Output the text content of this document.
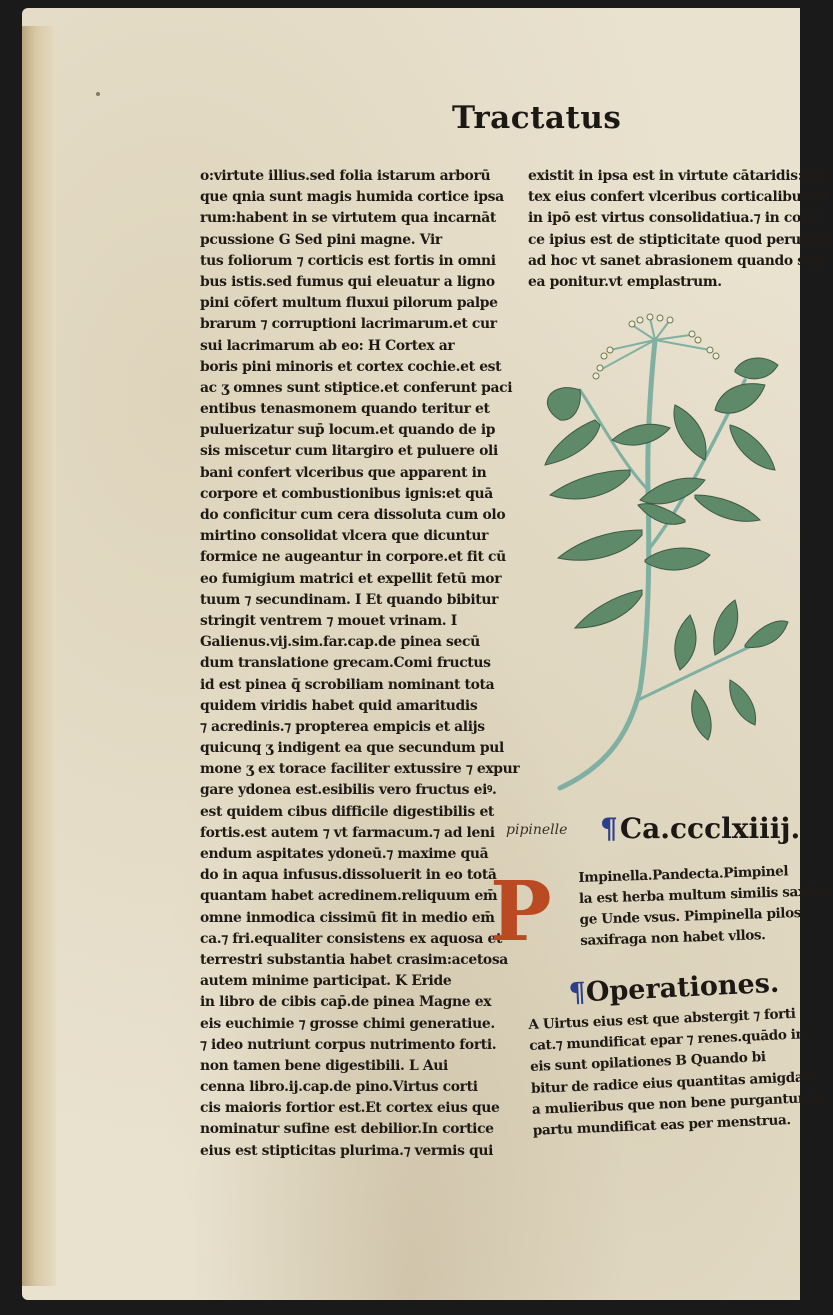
Tractatus
o:virtute illius.sed folia istarum arborū
que qnia sunt magis humida cortice ipsa
rum:habent in se virtutem qua incarnāt
pcussione G Sed pini magne. Vir
tus foliorum ⁊ corticis est fortis in omni
bus istis.sed fumus qui eleuatur a ligno
pini cōfert multum fluxui pilorum palpe
brarum ⁊ corruptioni lacrimarum.et cur
sui lacrimarum ab eo: H Cortex ar
boris pini minoris et cortex cochie.et est
ac ʒ omnes sunt stiptice.et conferunt paci
entibus tenasmonem quando teritur et
puluerizatur sup̄ locum.et quando de ip
sis miscetur cum litargiro et puluere oli
bani confert vlceribus que apparent in
corpore et combustionibus ignis:et quā
do conficitur cum cera dissoluta cum olo
mirtino consolidat vlcera que dicuntur
formice ne augeantur in corpore.et fit cū
eo fumigium matrici et expellit fetū mor
tuum ⁊ secundinam. I Et quando bibitur
stringit ventrem ⁊ mouet vrinam. I
Galienus.vij.sim.far.cap.de pinea secū
dum translatione grecam.Comi fructus
id est pinea q̄ scrobiliam nominant tota
quidem viridis habet quid amaritudis
⁊ acredinis.⁊ propterea empicis et alijs
quicunq ʒ indigent ea que secundum pul
mone ʒ ex torace faciliter extussire ⁊ expur
gare ydonea est.esibilis vero fructus eiꝰ.
est quidem cibus difficile digestibilis et
fortis.est autem ⁊ vt farmacum.⁊ ad leni
endum aspitates ydoneū.⁊ maxime quā
do in aqua infusus.dissoluerit in eo totā
quantam habet acredinem.reliquum em̄
omne inmodica cissimū fit in medio em̄
ca.⁊ fri.equaliter consistens ex aquosa et
terrestri substantia habet crasim:acetosa
autem minime participat. K Eride
in libro de cibis cap̄.de pinea Magne ex
eis euchimie ⁊ grosse chimi generatiue.
⁊ ideo nutriunt corpus nutrimento forti.
non tamen bene digestibili. L Aui
cenna libro.ij.cap.de pino.Virtus corti
cis maioris fortior est.Et cortex eius que
nominatur sufine est debilior.In cortice
eius est stipticitas plurima.⁊ vermis qui
existit in ipsa est in virtute cātaridis:cor
tex eius confert vlceribus corticalibus:et
in ipō est virtus consolidatiua.⁊ in corti
ce ipius est de stipticitate quod peruenit
ad hoc vt sanet abrasionem quando sup
ea ponitur.vt emplastrum.
pipinelle	¶Ca.ccclxiiij.
P Impinella.Pandecta.Pimpinel
la est herba multum similis saxifra
ge Unde vsus. Pimpinella pilos
saxifraga non habet vllos.
¶Operationes.
A Uirtus eius est que abstergit ⁊ forti
cat.⁊ mundificat epar ⁊ renes.quādo in
eis sunt opilationes B Quando bi
bitur de radice eius quantitas amigdale
a mulieribus que non bene purgantur in
partu mundificat eas per menstrua.
